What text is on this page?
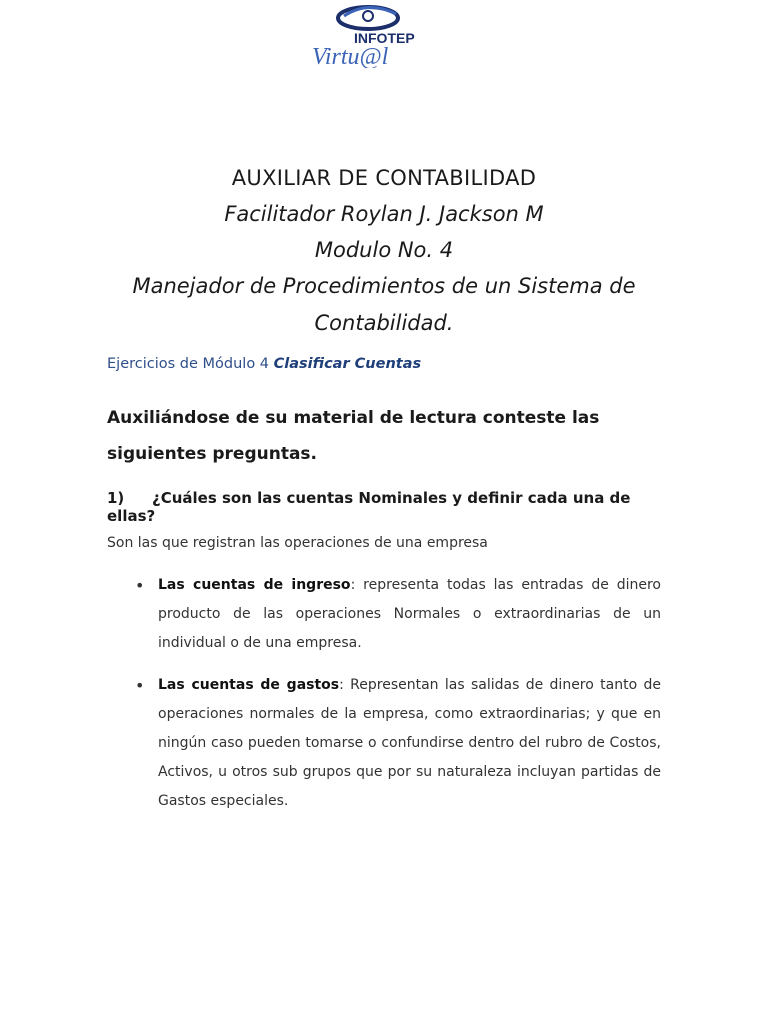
INFOTEP
Virtu@l
AUXILIAR DE CONTABILIDAD
Facilitador Roylan J. Jackson M
Modulo No. 4
Manejador de Procedimientos de un Sistema de Contabilidad.
Ejercicios de Módulo 4 Clasificar Cuentas
Auxiliándose de su material de lectura conteste las siguientes preguntas.
1) ¿Cuáles son las cuentas Nominales y definir cada una de ellas?
Son las que registran las operaciones de una empresa
• Las cuentas de ingreso: representa todas las entradas de dinero producto de las operaciones Normales o extraordinarias de un individual o de una empresa.
• Las cuentas de gastos: Representan las salidas de dinero tanto de operaciones normales de la empresa, como extraordinarias; y que en ningún caso pueden tomarse o confundirse dentro del rubro de Costos, Activos, u otros sub grupos que por su naturaleza incluyan partidas de Gastos especiales.
